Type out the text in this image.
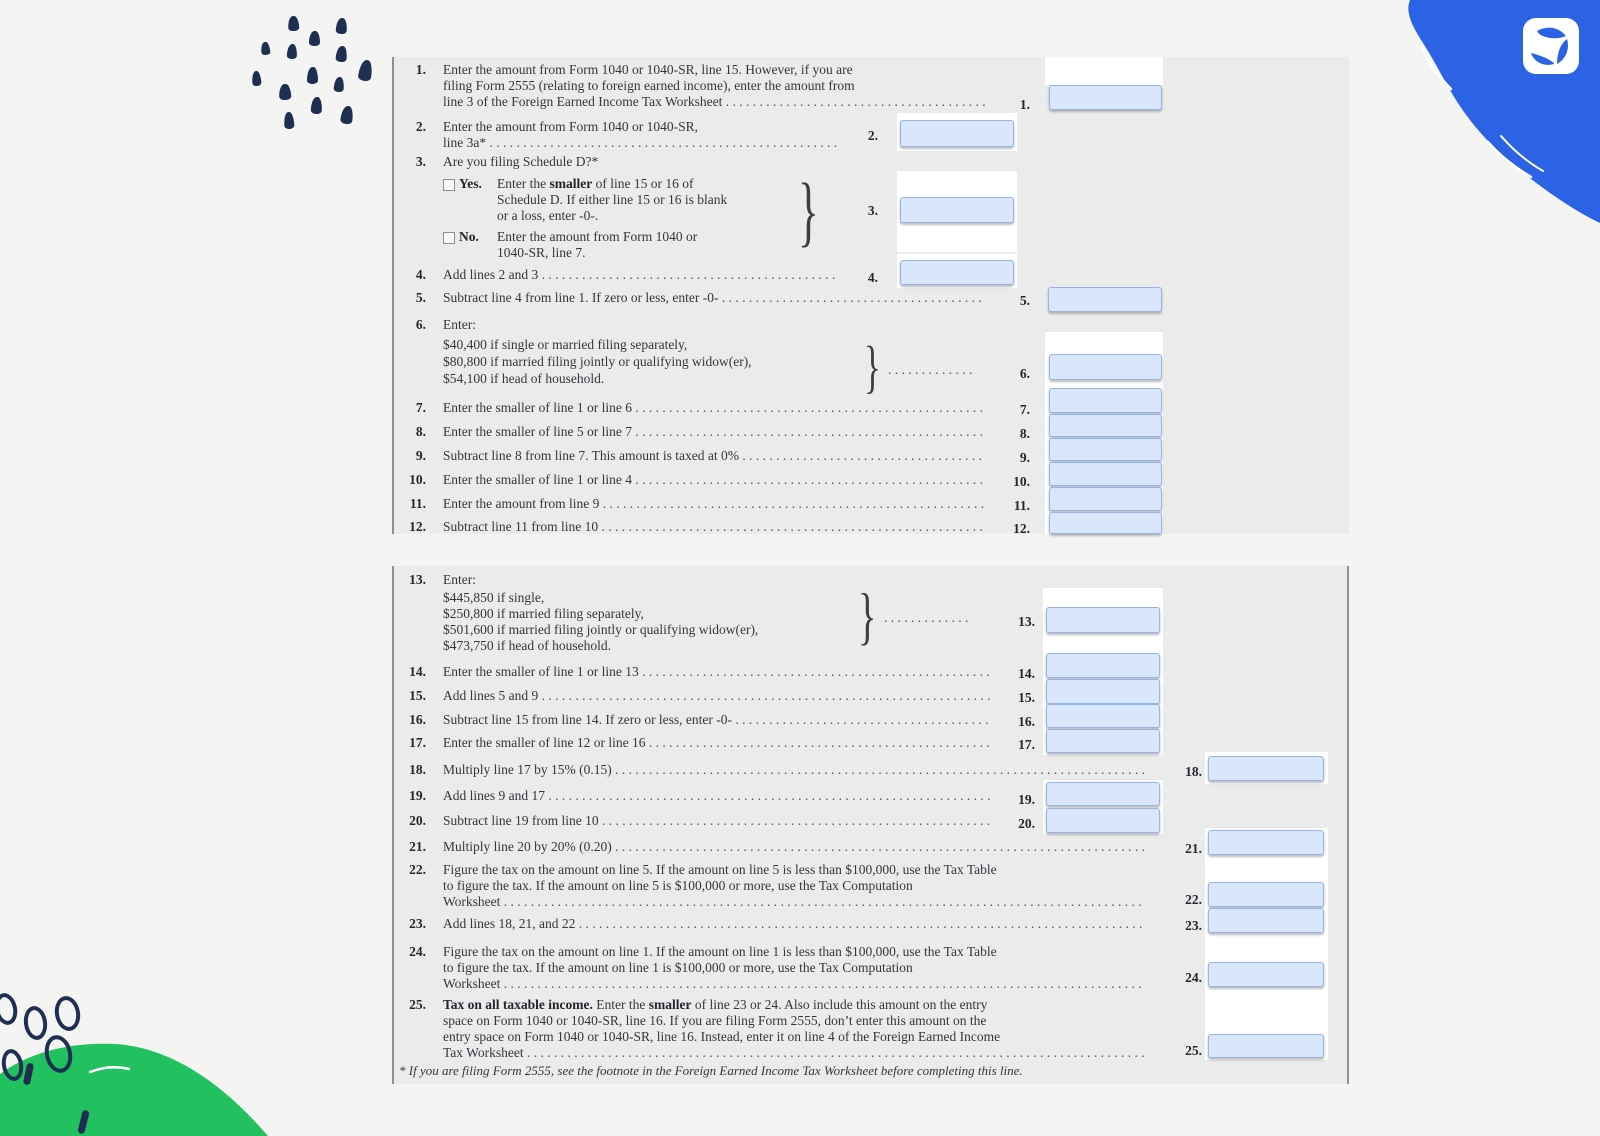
1. Enter the amount from Form 1040 or 1040-SR, line 15. However, if you are
filing Form 2555 (relating to foreign earned income), enter the amount from
line 3 of the Foreign Earned Income Tax Worksheet . . .	1.
2. Enter the amount from Form 1040 or 1040-SR,
line 3a* . . .	2.
3. Are you filing Schedule D?*
Yes. Enter the smaller of line 15 or 16 of
Schedule D. If either line 15 or 16 is blank
or a loss, enter -0-.
No. Enter the amount from Form 1040 or
1040-SR, line 7.	}	3.
4. Add lines 2 and 3 . . .	4.
5. Subtract line 4 from line 1. If zero or less, enter -0- . . .	5.
6. Enter:
$40,400 if single or married filing separately,
$80,800 if married filing jointly or qualifying widow(er),
$54,100 if head of household.	} . . .	6.
7. Enter the smaller of line 1 or line 6 . . .	7.
8. Enter the smaller of line 5 or line 7 . . .	8.
9. Subtract line 8 from line 7. This amount is taxed at 0% . . .	9.
10. Enter the smaller of line 1 or line 4 . . .	10.
11. Enter the amount from line 9 . . .	11.
12. Subtract line 11 from line 10 . . .	12.
13. Enter:
$445,850 if single,
$250,800 if married filing separately,
$501,600 if married filing jointly or qualifying widow(er),
$473,750 if head of household.	} . . .	13.
14. Enter the smaller of line 1 or line 13 . . .	14.
15. Add lines 5 and 9 . . .	15.
16. Subtract line 15 from line 14. If zero or less, enter -0- . . .	16.
17. Enter the smaller of line 12 or line 16 . . .	17.
18. Multiply line 17 by 15% (0.15) . . .	18.
19. Add lines 9 and 17 . . .	19.
20. Subtract line 19 from line 10 . . .	20.
21. Multiply line 20 by 20% (0.20) . . .	21.
22. Figure the tax on the amount on line 5. If the amount on line 5 is less than $100,000, use the Tax Table
to figure the tax. If the amount on line 5 is $100,000 or more, use the Tax Computation
Worksheet . . .	22.
23. Add lines 18, 21, and 22 . . .	23.
24. Figure the tax on the amount on line 1. If the amount on line 1 is less than $100,000, use the Tax Table
to figure the tax. If the amount on line 1 is $100,000 or more, use the Tax Computation
Worksheet . . .	24.
25. Tax on all taxable income. Enter the smaller of line 23 or 24. Also include this amount on the entry
space on Form 1040 or 1040-SR, line 16. If you are filing Form 2555, don’t enter this amount on the
entry space on Form 1040 or 1040-SR, line 16. Instead, enter it on line 4 of the Foreign Earned Income
Tax Worksheet . . .	25.
* If you are filing Form 2555, see the footnote in the Foreign Earned Income Tax Worksheet before completing this line.
